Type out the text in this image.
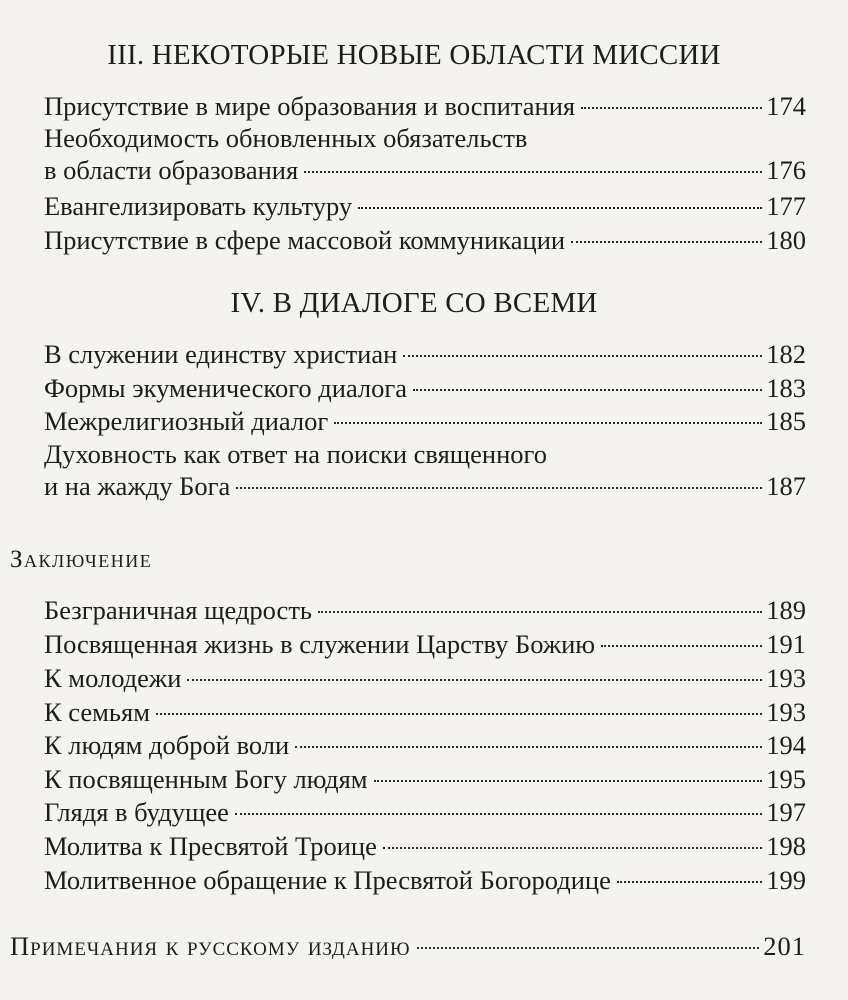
III. НЕКОТОРЫЕ НОВЫЕ ОБЛАСТИ МИССИИ
Присутствие в мире образования и воспитания	174
Необходимость обновленных обязательств
в области образования	176
Евангелизировать культуру	177
Присутствие в сфере массовой коммуникации	180
IV. В ДИАЛОГЕ СО ВСЕМИ
В служении единству христиан	182
Формы экуменического диалога	183
Межрелигиозный диалог	185
Духовность как ответ на поиски священного
и на жажду Бога	187
Заключение
Безграничная щедрость	189
Посвященная жизнь в служении Царству Божию	191
К молодежи	193
К семьям	193
К людям доброй воли	194
К посвященным Богу людям	195
Глядя в будущее	197
Молитва к Пресвятой Троице	198
Молитвенное обращение к Пресвятой Богородице	199
Примечания к русскому изданию	201
